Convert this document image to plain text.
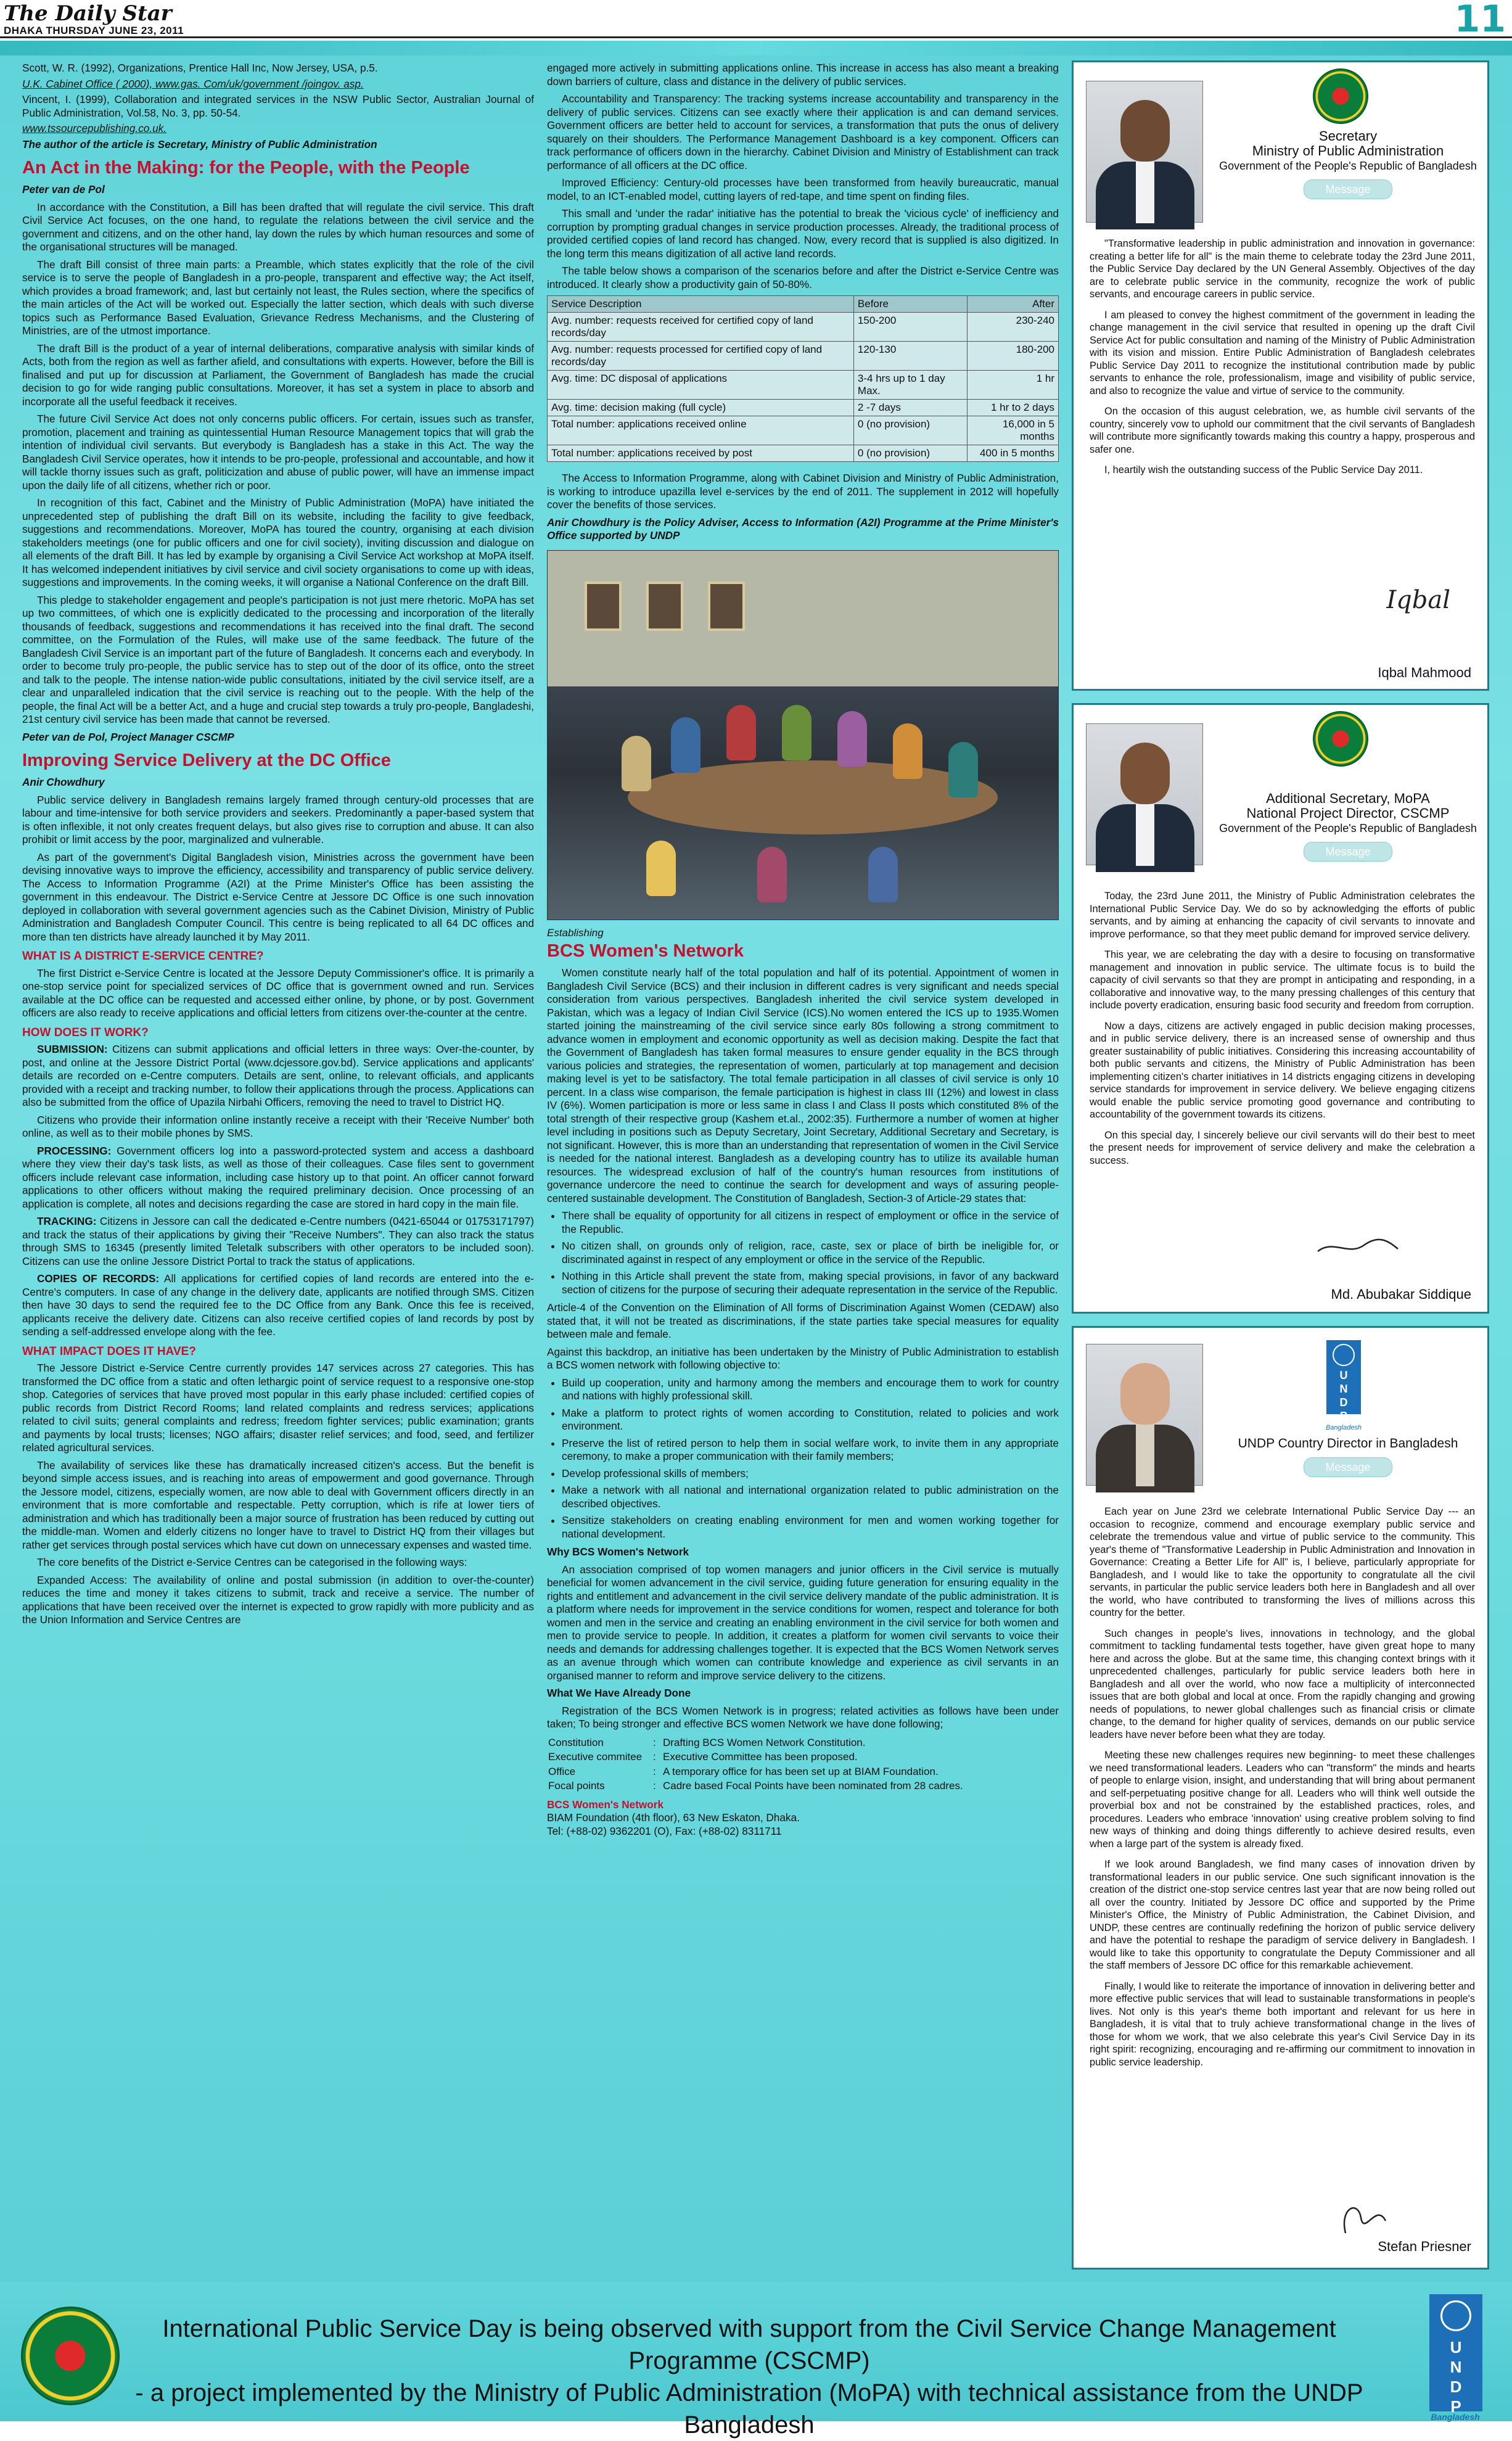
The Daily Star
DHAKA THURSDAY JUNE 23, 2011	11

Scott, W. R. (1992), Organizations, Prentice Hall Inc, Now Jersey, USA, p.5.

U.K. Cabinet Office ( 2000), www.gas. Com/uk/government /joingov. asp.

Vincent, I. (1999), Collaboration and integrated services in the NSW Public Sector, Australian Journal of Public Administration, Vol.58, No. 3, pp. 50-54.

www.tssourcepublishing.co.uk.

The author of the article is Secretary, Ministry of Public Administration

An Act in the Making: for the People, with the People

Peter van de Pol

In accordance with the Constitution, a Bill has been drafted that will regulate the civil service. This draft Civil Service Act focuses, on the one hand, to regulate the relations between the civil service and the government and citizens, and on the other hand, lay down the rules by which human resources and some of the organisational structures will be managed.

The draft Bill consist of three main parts: a Preamble, which states explicitly that the role of the civil service is to serve the people of Bangladesh in a pro-people, transparent and effective way; the Act itself, which provides a broad framework; and, last but certainly not least, the Rules section, where the specifics of the main articles of the Act will be worked out. Especially the latter section, which deals with such diverse topics such as Performance Based Evaluation, Grievance Redress Mechanisms, and the Clustering of Ministries, are of the utmost importance.

The draft Bill is the product of a year of internal deliberations, comparative analysis with similar kinds of Acts, both from the region as well as farther afield, and consultations with experts. However, before the Bill is finalised and put up for discussion at Parliament, the Government of Bangladesh has made the crucial decision to go for wide ranging public consultations. Moreover, it has set a system in place to absorb and incorporate all the useful feedback it receives.

The future Civil Service Act does not only concerns public officers. For certain, issues such as transfer, promotion, placement and training as quintessential Human Resource Management topics that will grab the intention of individual civil servants. But everybody is Bangladesh has a stake in this Act. The way the Bangladesh Civil Service operates, how it intends to be pro-people, professional and accountable, and how it will tackle thorny issues such as graft, politicization and abuse of public power, will have an immense impact upon the daily life of all citizens, whether rich or poor.

In recognition of this fact, Cabinet and the Ministry of Public Administration (MoPA) have initiated the unprecedented step of publishing the draft Bill on its website, including the facility to give feedback, suggestions and recommendations. Moreover, MoPA has toured the country, organising at each division stakeholders meetings (one for public officers and one for civil society), inviting discussion and dialogue on all elements of the draft Bill. It has led by example by organising a Civil Service Act workshop at MoPA itself. It has welcomed independent initiatives by civil service and civil society organisations to come up with ideas, suggestions and improvements. In the coming weeks, it will organise a National Conference on the draft Bill.

This pledge to stakeholder engagement and people's participation is not just mere rhetoric. MoPA has set up two committees, of which one is explicitly dedicated to the processing and incorporation of the literally thousands of feedback, suggestions and recommendations it has received into the final draft. The second committee, on the Formulation of the Rules, will make use of the same feedback. The future of the Bangladesh Civil Service is an important part of the future of Bangladesh. It concerns each and everybody. In order to become truly pro-people, the public service has to step out of the door of its office, onto the street and talk to the people. The intense nation-wide public consultations, initiated by the civil service itself, are a clear and unparalleled indication that the civil service is reaching out to the people. With the help of the people, the final Act will be a better Act, and a huge and crucial step towards a truly pro-people, Bangladeshi, 21st century civil service has been made that cannot be reversed.

Peter van de Pol, Project Manager CSCMP

Improving Service Delivery at the DC Office

Anir Chowdhury

Public service delivery in Bangladesh remains largely framed through century-old processes that are labour and time-intensive for both service providers and seekers. Predominantly a paper-based system that is often inflexible, it not only creates frequent delays, but also gives rise to corruption and abuse. It can also prohibit or limit access by the poor, marginalized and vulnerable.

As part of the government's Digital Bangladesh vision, Ministries across the government have been devising innovative ways to improve the efficiency, accessibility and transparency of public service delivery. The Access to Information Programme (A2I) at the Prime Minister's Office has been assisting the government in this endeavour. The District e-Service Centre at Jessore DC Office is one such innovation deployed in collaboration with several government agencies such as the Cabinet Division, Ministry of Public Administration and Bangladesh Computer Council. This centre is being replicated to all 64 DC offices and more than ten districts have already launched it by May 2011.

WHAT IS A DISTRICT E-SERVICE CENTRE?

The first District e-Service Centre is located at the Jessore Deputy Commissioner's office. It is primarily a one-stop service point for specialized services of DC office that is government owned and run. Services available at the DC office can be requested and accessed either online, by phone, or by post. Government officers are also ready to receive applications and official letters from citizens over-the-counter at the centre.

HOW DOES IT WORK?

SUBMISSION: Citizens can submit applications and official letters in three ways: Over-the-counter, by post, and online at the Jessore District Portal (www.dcjessore.gov.bd). Service applications and applicants' details are recorded on e-Centre computers. Details are sent, online, to relevant officials, and applicants provided with a receipt and tracking number, to follow their applications through the process. Applications can also be submitted from the office of Upazila Nirbahi Officers, removing the need to travel to District HQ.

Citizens who provide their information online instantly receive a receipt with their 'Receive Number' both online, as well as to their mobile phones by SMS.

PROCESSING: Government officers log into a password-protected system and access a dashboard where they view their day's task lists, as well as those of their colleagues. Case files sent to government officers include relevant case information, including case history up to that point. An officer cannot forward applications to other officers without making the required preliminary decision. Once processing of an application is complete, all notes and decisions regarding the case are stored in hard copy in the main file.

TRACKING: Citizens in Jessore can call the dedicated e-Centre numbers (0421-65044 or 01753171797) and track the status of their applications by giving their "Receive Numbers". They can also track the status through SMS to 16345 (presently limited Teletalk subscribers with other operators to be included soon). Citizens can use the online Jessore District Portal to track the status of applications.

COPIES OF RECORDS: All applications for certified copies of land records are entered into the e-Centre's computers. In case of any change in the delivery date, applicants are notified through SMS. Citizen then have 30 days to send the required fee to the DC Office from any Bank. Once this fee is received, applicants receive the delivery date. Citizens can also receive certified copies of land records by post by sending a self-addressed envelope along with the fee.

WHAT IMPACT DOES IT HAVE?

The Jessore District e-Service Centre currently provides 147 services across 27 categories. This has transformed the DC office from a static and often lethargic point of service request to a responsive one-stop shop. Categories of services that have proved most popular in this early phase included: certified copies of public records from District Record Rooms; land related complaints and redress services; applications related to civil suits; general complaints and redress; freedom fighter services; public examination; grants and payments by local trusts; licenses; NGO affairs; disaster relief services; and food, seed, and fertilizer related agricultural services.

The availability of services like these has dramatically increased citizen's access. But the benefit is beyond simple access issues, and is reaching into areas of empowerment and good governance. Through the Jessore model, citizens, especially women, are now able to deal with Government officers directly in an environment that is more comfortable and respectable. Petty corruption, which is rife at lower tiers of administration and which has traditionally been a major source of frustration has been reduced by cutting out the middle-man. Women and elderly citizens no longer have to travel to District HQ from their villages but rather get services through postal services which have cut down on unnecessary expenses and wasted time.

The core benefits of the District e-Service Centres can be categorised in the following ways:

Expanded Access: The availability of online and postal submission (in addition to over-the-counter) reduces the time and money it takes citizens to submit, track and receive a service. The number of applications that have been received over the internet is expected to grow rapidly with more publicity and as the Union Information and Service Centres are

engaged more actively in submitting applications online. This increase in access has also meant a breaking down barriers of culture, class and distance in the delivery of public services.

Accountability and Transparency: The tracking systems increase accountability and transparency in the delivery of public services. Citizens can see exactly where their application is and can demand services. Government officers are better held to account for services, a transformation that puts the onus of delivery squarely on their shoulders. The Performance Management Dashboard is a key component. Officers can track performance of officers down in the hierarchy. Cabinet Division and Ministry of Establishment can track performance of all officers at the DC office.

Improved Efficiency: Century-old processes have been transformed from heavily bureaucratic, manual model, to an ICT-enabled model, cutting layers of red-tape, and time spent on finding files.

This small and 'under the radar' initiative has the potential to break the 'vicious cycle' of inefficiency and corruption by prompting gradual changes in service production processes. Already, the traditional process of provided certified copies of land record has changed. Now, every record that is supplied is also digitized. In the long term this means digitization of all active land records.

The table below shows a comparison of the scenarios before and after the District e-Service Centre was introduced. It clearly show a productivity gain of 50-80%.

Service Description	Before	After
Avg. number: requests received for certified copy of land records/day	150-200	230-240
Avg. number: requests processed for certified copy of land records/day	120-130	180-200
Avg. time: DC disposal of applications	3-4 hrs up to 1 day Max.	1 hr
Avg. time: decision making (full cycle)	2 -7 days	1 hr to 2 days
Total number: applications received online	0 (no provision)	16,000 in 5 months
Total number: applications received by post	0 (no provision)	400 in 5 months

The Access to Information Programme, along with Cabinet Division and Ministry of Public Administration, is working to introduce upazilla level e-services by the end of 2011. The supplement in 2012 will hopefully cover the benefits of those services.

Anir Chowdhury is the Policy Adviser, Access to Information (A2I) Programme at the Prime Minister's Office supported by UNDP

Establishing
BCS Women's Network

Women constitute nearly half of the total population and half of its potential. Appointment of women in Bangladesh Civil Service (BCS) and their inclusion in different cadres is very significant and needs special consideration from various perspectives. Bangladesh inherited the civil service system developed in Pakistan, which was a legacy of Indian Civil Service (ICS).No women entered the ICS up to 1935.Women started joining the mainstreaming of the civil service since early 80s following a strong commitment to advance women in employment and economic opportunity as well as decision making. Despite the fact that the Government of Bangladesh has taken formal measures to ensure gender equality in the BCS through various policies and strategies, the representation of women, particularly at top management and decision making level is yet to be satisfactory. The total female participation in all classes of civil service is only 10 percent. In a class wise comparison, the female participation is highest in class III (12%) and lowest in class IV (6%). Women participation is more or less same in class I and Class II posts which constituted 8% of the total strength of their respective group (Kashem et.al., 2002:35). Furthermore a number of women at higher level including in positions such as Deputy Secretary, Joint Secretary, Additional Secretary and Secretary, is not significant. However, this is more than an understanding that representation of women in the Civil Service is needed for the national interest. Bangladesh as a developing country has to utilize its available human resources. The widespread exclusion of half of the country's human resources from institutions of governance undercore the need to continue the search for development and ways of assuring people-centered sustainable development. The Constitution of Bangladesh, Section-3 of Article-29 states that:

• There shall be equality of opportunity for all citizens in respect of employment or office in the service of the Republic.
• No citizen shall, on grounds only of religion, race, caste, sex or place of birth be ineligible for, or discriminated against in respect of any employment or office in the service of the Republic.
• Nothing in this Article shall prevent the state from, making special provisions, in favor of any backward section of citizens for the purpose of securing their adequate representation in the service of the Republic.

Article-4 of the Convention on the Elimination of All forms of Discrimination Against Women (CEDAW) also stated that, it will not be treated as discriminations, if the state parties take special measures for equality between male and female.

Against this backdrop, an initiative has been undertaken by the Ministry of Public Administration to establish a BCS women network with following objective to:

• Build up cooperation, unity and harmony among the members and encourage them to work for country and nations with highly professional skill.
• Make a platform to protect rights of women according to Constitution, related to policies and work environment.
• Preserve the list of retired person to help them in social welfare work, to invite them in any appropriate ceremony, to make a proper communication with their family members;
• Develop professional skills of members;
• Make a network with all national and international organization related to public administration on the described objectives.
• Sensitize stakeholders on creating enabling environment for men and women working together for national development.

Why BCS Women's Network

An association comprised of top women managers and junior officers in the Civil service is mutually beneficial for women advancement in the civil service, guiding future generation for ensuring equality in the rights and entitlement and advancement in the civil service delivery mandate of the public administration. It is a platform where needs for improvement in the service conditions for women, respect and tolerance for both women and men in the service and creating an enabling environment in the civil service for both women and men to provide service to people. In addition, it creates a platform for women civil servants to voice their needs and demands for addressing challenges together. It is expected that the BCS Women Network serves as an avenue through which women can contribute knowledge and experience as civil servants in an organised manner to reform and improve service delivery to the citizens.

What We Have Already Done

Registration of the BCS Women Network is in progress; related activities as follows have been under taken; To being stronger and effective BCS women Network we have done following;

Constitution	:	Drafting BCS Women Network Constitution.
Executive commitee	:	Executive Committee has been proposed.
Office	:	A temporary office for has been set up at BIAM Foundation.
Focal points	:	Cadre based Focal Points have been nominated from 28 cadres.

BCS Women's Network

BIAM Foundation (4th floor), 63 New Eskaton, Dhaka.

Tel: (+88-02) 9362201 (O), Fax: (+88-02) 8311711

Secretary
Ministry of Public Administration
Government of the People's Republic of Bangladesh
Message

"Transformative leadership in public administration and innovation in governance: creating a better life for all" is the main theme to celebrate today the 23rd June 2011, the Public Service Day declared by the UN General Assembly. Objectives of the day are to celebrate public service in the community, recognize the work of public servants, and encourage careers in public service.

I am pleased to convey the highest commitment of the government in leading the change management in the civil service that resulted in opening up the draft Civil Service Act for public consultation and naming of the Ministry of Public Administration with its vision and mission. Entire Public Administration of Bangladesh celebrates Public Service Day 2011 to recognize the institutional contribution made by public servants to enhance the role, professionalism, image and visibility of public service, and also to recognize the value and virtue of service to the community.

On the occasion of this august celebration, we, as humble civil servants of the country, sincerely vow to uphold our commitment that the civil servants of Bangladesh will contribute more significantly towards making this country a happy, prosperous and safer one.

I, heartily wish the outstanding success of the Public Service Day 2011.

Iqbal
Iqbal Mahmood
Additional Secretary, MoPA
National Project Director, CSCMP
Government of the People's Republic of Bangladesh
Message

Today, the 23rd June 2011, the Ministry of Public Administration celebrates the International Public Service Day. We do so by acknowledging the efforts of public servants, and by aiming at enhancing the capacity of civil servants to innovate and improve performance, so that they meet public demand for improved service delivery.

This year, we are celebrating the day with a desire to focusing on transformative management and innovation in public service. The ultimate focus is to build the capacity of civil servants so that they are prompt in anticipating and responding, in a collaborative and innovative way, to the many pressing challenges of this century that include poverty eradication, ensuring basic food security and freedom from corruption.

Now a days, citizens are actively engaged in public decision making processes, and in public service delivery, there is an increased sense of ownership and thus greater sustainability of public initiatives. Considering this increasing accountability of both public servants and citizens, the Ministry of Public Administration has been implementing citizen's charter initiatives in 14 districts engaging citizens in developing service standards for improvement in service delivery. We believe engaging citizens would enable the public service promoting good governance and contributing to accountability of the government towards its citizens.

On this special day, I sincerely believe our civil servants will do their best to meet the present needs for improvement of service delivery and make the celebration a success.

Md. Abubakar Siddique
U
N
D
P
Bangladesh
UNDP Country Director in Bangladesh
Message

Each year on June 23rd we celebrate International Public Service Day --- an occasion to recognize, commend and encourage exemplary public service and celebrate the tremendous value and virtue of public service to the community. This year's theme of "Transformative Leadership in Public Administration and Innovation in Governance: Creating a Better Life for All" is, I believe, particularly appropriate for Bangladesh, and I would like to take the opportunity to congratulate all the civil servants, in particular the public service leaders both here in Bangladesh and all over the world, who have contributed to transforming the lives of millions across this country for the better.

Such changes in people's lives, innovations in technology, and the global commitment to tackling fundamental tests together, have given great hope to many here and across the globe. But at the same time, this changing context brings with it unprecedented challenges, particularly for public service leaders both here in Bangladesh and all over the world, who now face a multiplicity of interconnected issues that are both global and local at once. From the rapidly changing and growing needs of populations, to newer global challenges such as financial crisis or climate change, to the demand for higher quality of services, demands on our public service leaders have never before been what they are today.

Meeting these new challenges requires new beginning- to meet these challenges we need transformational leaders. Leaders who can "transform" the minds and hearts of people to enlarge vision, insight, and understanding that will bring about permanent and self-perpetuating positive change for all. Leaders who will think well outside the proverbial box and not be constrained by the established practices, roles, and procedures. Leaders who embrace 'innovation' using creative problem solving to find new ways of thinking and doing things differently to achieve desired results, even when a large part of the system is already fixed.

If we look around Bangladesh, we find many cases of innovation driven by transformational leaders in our public service. One such significant innovation is the creation of the district one-stop service centres last year that are now being rolled out all over the country. Initiated by Jessore DC office and supported by the Prime Minister's Office, the Ministry of Public Administration, the Cabinet Division, and UNDP, these centres are continually redefining the horizon of public service delivery and have the potential to reshape the paradigm of service delivery in Bangladesh. I would like to take this opportunity to congratulate the Deputy Commissioner and all the staff members of Jessore DC office for this remarkable achievement.

Finally, I would like to reiterate the importance of innovation in delivering better and more effective public services that will lead to sustainable transformations in people's lives. Not only is this year's theme both important and relevant for us here in Bangladesh, it is vital that to truly achieve transformational change in the lives of those for whom we work, that we also celebrate this year's Civil Service Day in its right spirit: recognizing, encouraging and re-affirming our commitment to innovation in public service leadership.

Stefan Priesner
International Public Service Day is being observed with support from the Civil Service Change Management Programme (CSCMP)
- a project implemented by the Ministry of Public Administration (MoPA) with technical assistance from the UNDP Bangladesh
U
N
D
P
Bangladesh
